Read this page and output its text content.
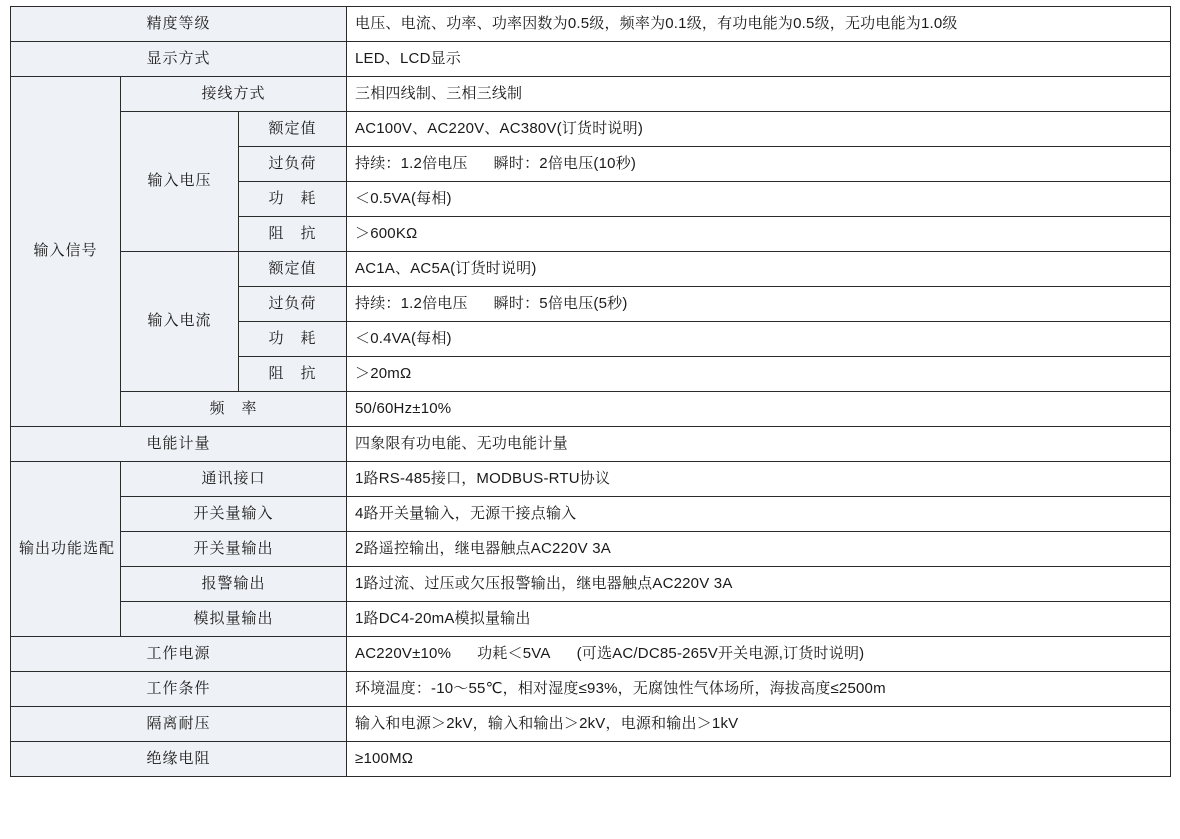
精度等级			电压、电流、功率、功率因数为0.5级，频率为0.1级，有功电能为0.5级，无功电能为1.0级
显示方式			LED、LCD显示
输入信号	接线方式		三相四线制、三相三线制
	输入电压	额定值	AC100V、AC220V、AC380V(订货时说明)
		过负荷	持续：1.2倍电压 瞬时：2倍电压(10秒)
		功　耗	＜0.5VA(每相)
		阻　抗	＞600KΩ
	输入电流	额定值	AC1A、AC5A(订货时说明)
		过负荷	持续：1.2倍电压 瞬时：5倍电压(5秒)
		功　耗	＜0.4VA(每相)
		阻　抗	＞20mΩ
	频　率		50/60Hz±10%
电能计量			四象限有功电能、无功电能计量
输出功能选配	通讯接口		1路RS-485接口，MODBUS-RTU协议
	开关量输入		4路开关量输入，无源干接点输入
	开关量输出		2路遥控输出，继电器触点AC220V 3A
	报警输出		1路过流、过压或欠压报警输出，继电器触点AC220V 3A
	模拟量输出		1路DC4-20mA模拟量输出
工作电源			AC220V±10% 功耗＜5VA (可选AC/DC85-265V开关电源,订货时说明)
工作条件			环境温度：-10～55℃，相对湿度≤93%，无腐蚀性气体场所，海拔高度≤2500m
隔离耐压			输入和电源＞2kV，输入和输出＞2kV，电源和输出＞1kV
绝缘电阻			≥100MΩ
